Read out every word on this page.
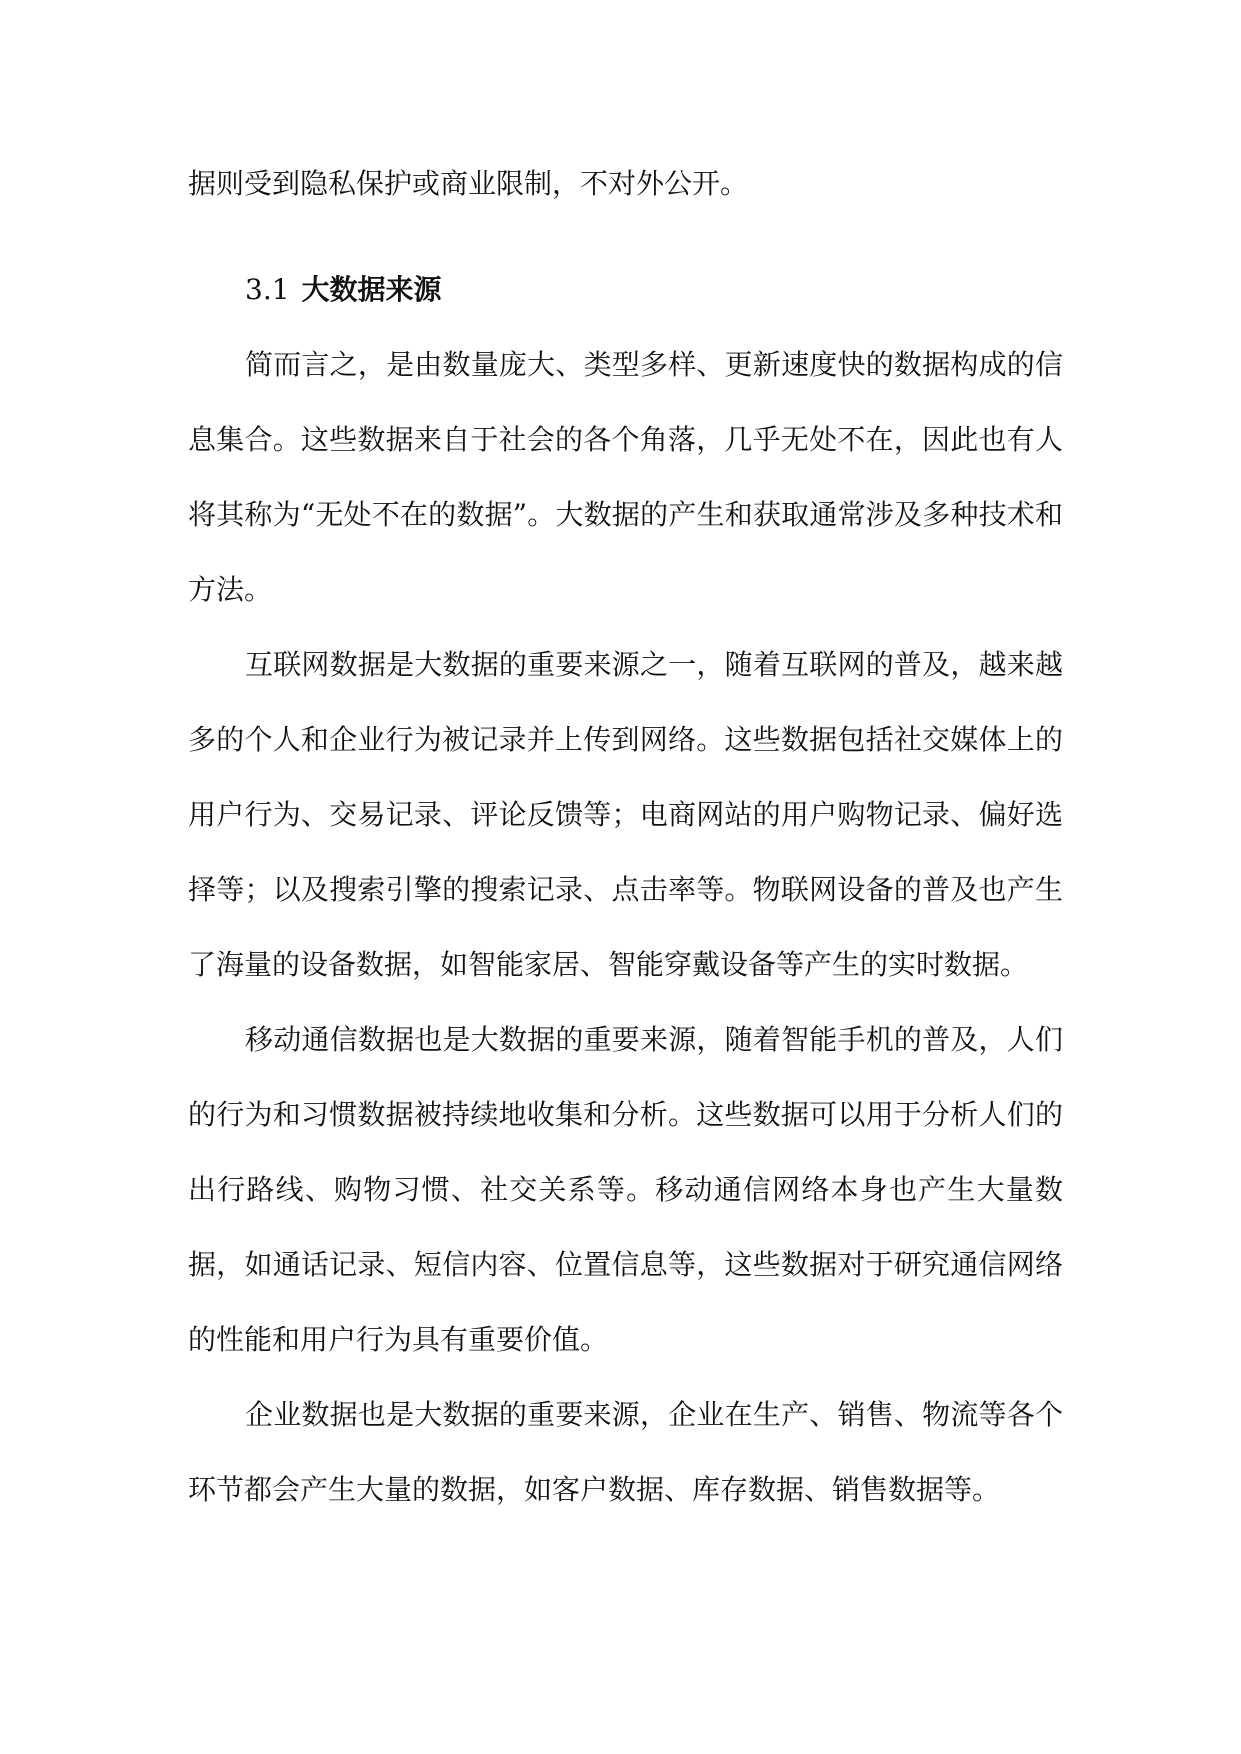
据则受到隐私保护或商业限制，不对外公开。

3.1 大数据来源

简而言之，是由数量庞大、类型多样、更新速度快的数据构成的信息集合。这些数据来自于社会的各个角落，几乎无处不在，因此也有人将其称为“无处不在的数据”。大数据的产生和获取通常涉及多种技术和方法。

互联网数据是大数据的重要来源之一，随着互联网的普及，越来越多的个人和企业行为被记录并上传到网络。这些数据包括社交媒体上的用户行为、交易记录、评论反馈等；电商网站的用户购物记录、偏好选择等；以及搜索引擎的搜索记录、点击率等。物联网设备的普及也产生了海量的设备数据，如智能家居、智能穿戴设备等产生的实时数据。

移动通信数据也是大数据的重要来源，随着智能手机的普及，人们的行为和习惯数据被持续地收集和分析。这些数据可以用于分析人们的出行路线、购物习惯、社交关系等。移动通信网络本身也产生大量数据，如通话记录、短信内容、位置信息等，这些数据对于研究通信网络的性能和用户行为具有重要价值。

企业数据也是大数据的重要来源，企业在生产、销售、物流等各个环节都会产生大量的数据，如客户数据、库存数据、销售数据等。
